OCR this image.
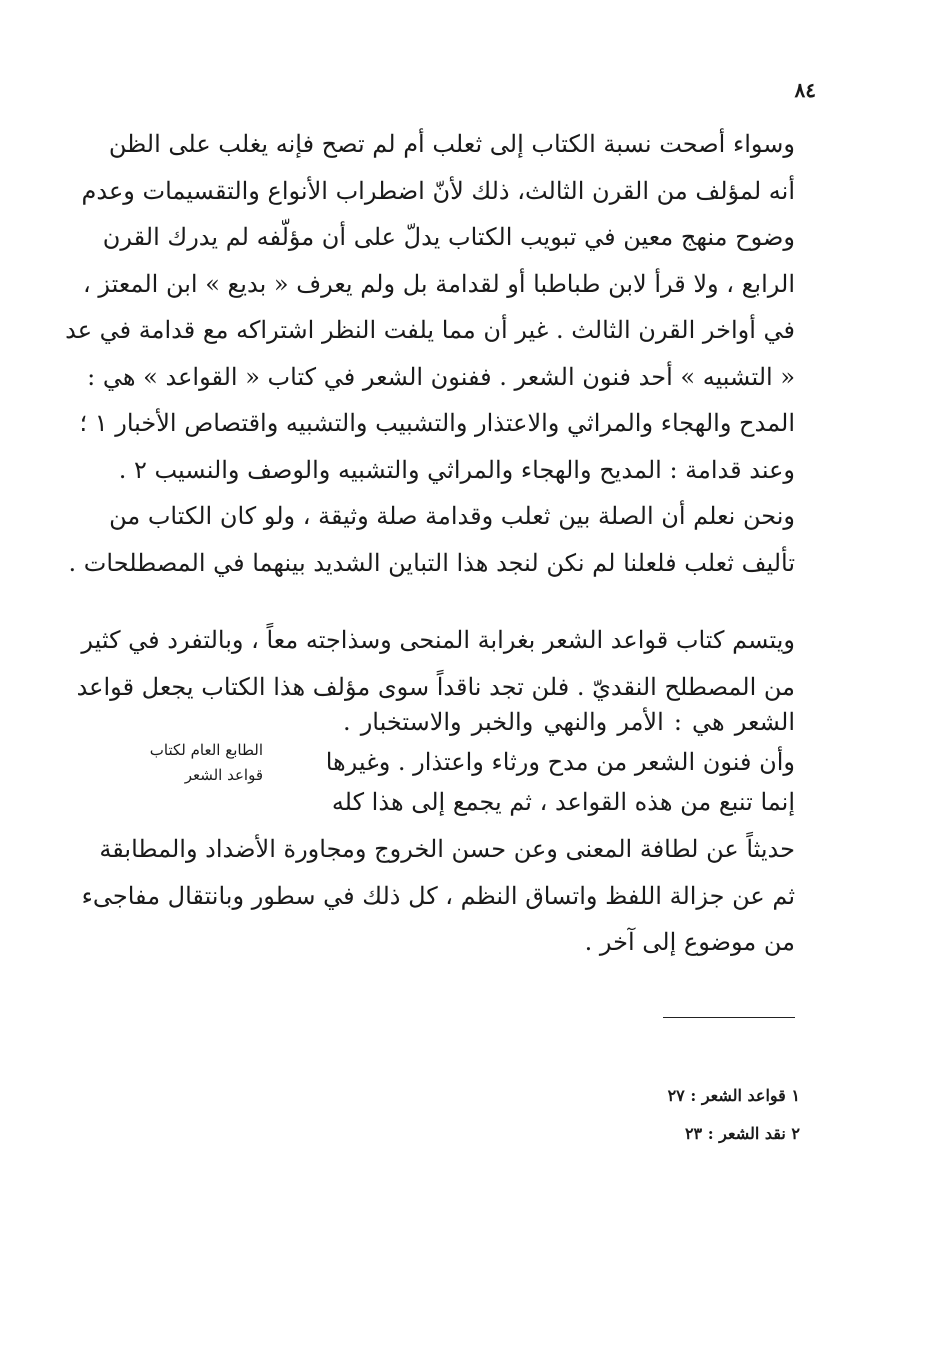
٨٤
وسواء أصحت نسبة الكتاب إلى ثعلب أم لم تصح فإنه يغلب على الظن
أنه لمؤلف من القرن الثالث، ذلك لأنّ اضطراب الأنواع والتقسيمات وعدم
وضوح منهج معين في تبويب الكتاب يدلّ على أن مؤلّفه لم يدرك القرن
الرابع ، ولا قرأ لابن طباطبا أو لقدامة بل ولم يعرف « بديع » ابن المعتز ،
في أواخر القرن الثالث . غير أن مما يلفت النظر اشتراكه مع قدامة في عد
« التشبيه » أحد فنون الشعر . ففنون الشعر في كتاب « القواعد » هي :
المدح والهجاء والمراثي والاعتذار والتشبيب والتشبيه واقتصاص الأخبار ١ ؛
وعند قدامة : المديح والهجاء والمراثي والتشبيه والوصف والنسيب ٢ .
ونحن نعلم أن الصلة بين ثعلب وقدامة صلة وثيقة ، ولو كان الكتاب من
تأليف ثعلب فلعلنا لم نكن لنجد هذا التباين الشديد بينهما في المصطلحات .
ويتسم كتاب قواعد الشعر بغرابة المنحى وسذاجته معاً ، وبالتفرد في كثير
من المصطلح النقديّ . فلن تجد ناقداً سوى مؤلف هذا الكتاب يجعل قواعد
الشعر هي : الأمر والنهي والخبر والاستخبار .
وأن فنون الشعر من مدح ورثاء واعتذار . وغيرها
إنما تنبع من هذه القواعد ، ثم يجمع إلى هذا كله
الطابع العام لكتاب
قواعد الشعر
حديثاً عن لطافة المعنى وعن حسن الخروج ومجاورة الأضداد والمطابقة
ثم عن جزالة اللفظ واتساق النظم ، كل ذلك في سطور وبانتقال مفاجىء
من موضوع إلى آخر .
١ قواعد الشعر : ٢٧
٢ نقد الشعر : ٢٣
